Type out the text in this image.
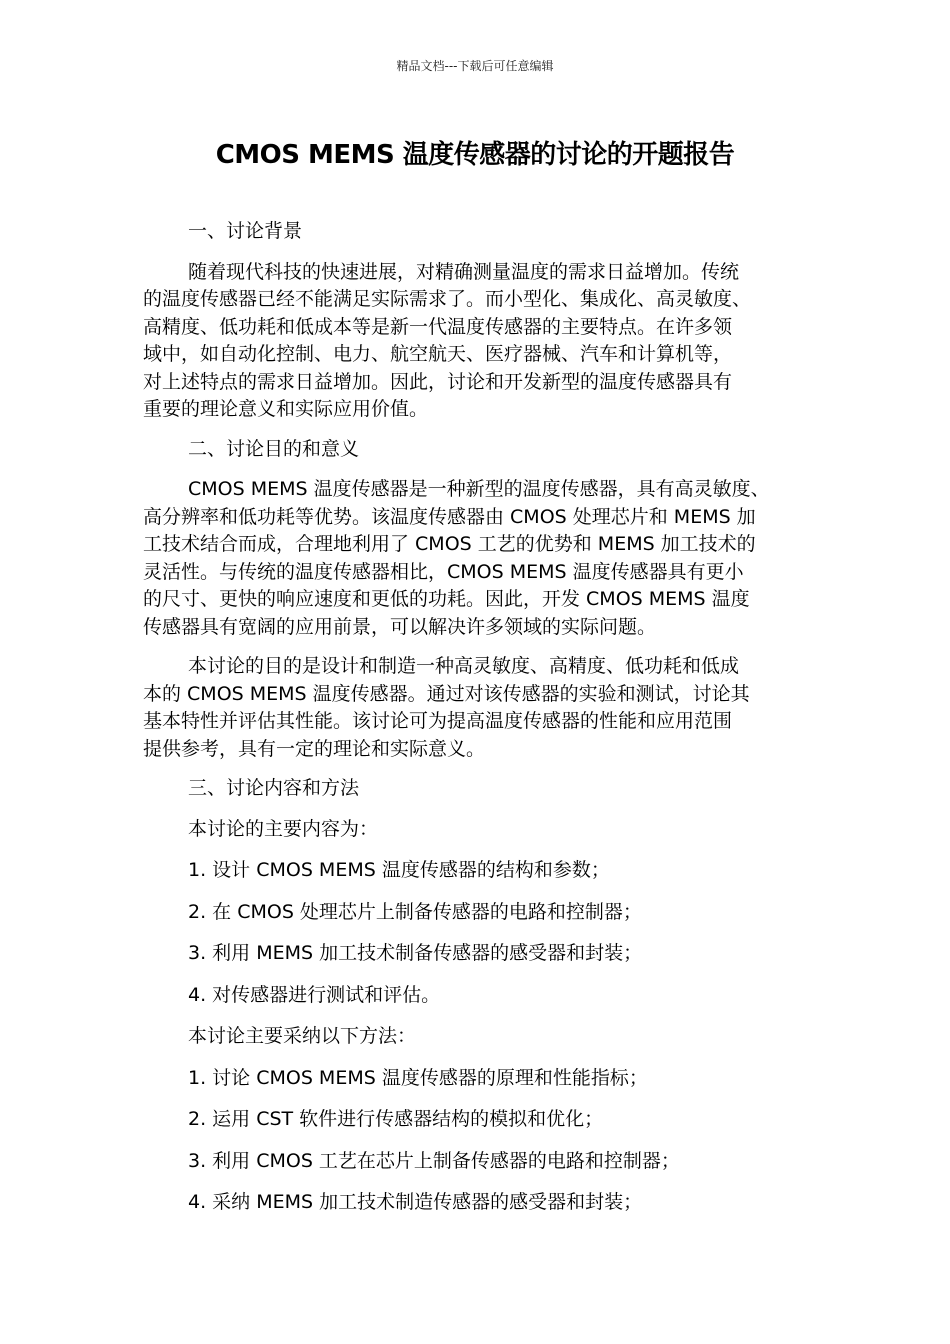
精品文档---下载后可任意编辑
CMOS MEMS 温度传感器的讨论的开题报告

一、讨论背景

随着现代科技的快速进展，对精确测量温度的需求日益增加。传统
的温度传感器已经不能满足实际需求了。而小型化、集成化、高灵敏度、
高精度、低功耗和低成本等是新一代温度传感器的主要特点。在许多领
域中，如自动化控制、电力、航空航天、医疗器械、汽车和计算机等，
对上述特点的需求日益增加。因此，讨论和开发新型的温度传感器具有
重要的理论意义和实际应用价值。

二、讨论目的和意义

CMOS MEMS 温度传感器是一种新型的温度传感器，具有高灵敏度、
高分辨率和低功耗等优势。该温度传感器由 CMOS 处理芯片和 MEMS 加
工技术结合而成，合理地利用了 CMOS 工艺的优势和 MEMS 加工技术的
灵活性。与传统的温度传感器相比，CMOS MEMS 温度传感器具有更小
的尺寸、更快的响应速度和更低的功耗。因此，开发 CMOS MEMS 温度
传感器具有宽阔的应用前景，可以解决许多领域的实际问题。

本讨论的目的是设计和制造一种高灵敏度、高精度、低功耗和低成
本的 CMOS MEMS 温度传感器。通过对该传感器的实验和测试，讨论其
基本特性并评估其性能。该讨论可为提高温度传感器的性能和应用范围
提供参考，具有一定的理论和实际意义。

三、讨论内容和方法

本讨论的主要内容为：

1. 设计 CMOS MEMS 温度传感器的结构和参数；

2. 在 CMOS 处理芯片上制备传感器的电路和控制器；

3. 利用 MEMS 加工技术制备传感器的感受器和封装；

4. 对传感器进行测试和评估。

本讨论主要采纳以下方法：

1. 讨论 CMOS MEMS 温度传感器的原理和性能指标；

2. 运用 CST 软件进行传感器结构的模拟和优化；

3. 利用 CMOS 工艺在芯片上制备传感器的电路和控制器；

4. 采纳 MEMS 加工技术制造传感器的感受器和封装；
